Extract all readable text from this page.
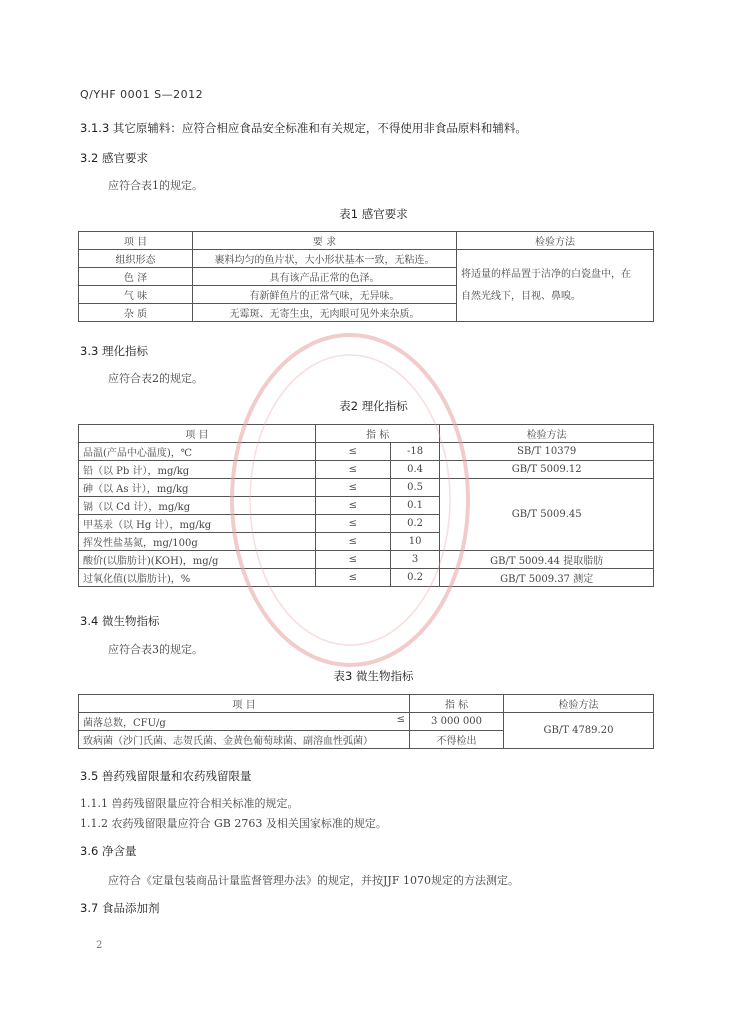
Q/YHF 0001 S—2012
3.1.3 其它原辅料：应符合相应食品安全标准和有关规定，不得使用非食品原料和辅料。
3.2 感官要求
应符合表1的规定。
表1 感官要求
项 目	要 求	检验方法
组织形态	裹料均匀的鱼片状，大小形状基本一致，无粘连。	将适量的样品置于洁净的白瓷盘中，在
自然光线下，目视、鼻嗅。

色 泽	具有该产品正常的色泽。	
气 味	有新鲜鱼片的正常气味，无异味。	
杂 质	无霉斑、无寄生虫，无肉眼可见外来杂质。	
3.3 理化指标
应符合表2的规定。
表2 理化指标
项 目	指 标		检验方法
品温(产品中心温度)，℃	≤	-18	SB/T 10379
铅（以 Pb 计），mg/kg	≤	0.4	GB/T 5009.12
砷（以 As 计），mg/kg	≤	0.5	GB/T 5009.45
镉（以 Cd 计），mg/kg	≤	0.1	
甲基汞（以 Hg 计），mg/kg	≤	0.2	
挥发性盐基氮，mg/100g	≤	10	
酸价(以脂肪计)(KOH)，mg/g	≤	3	GB/T 5009.44 提取脂肪
过氧化值(以脂肪计)，%	≤	0.2	GB/T 5009.37 测定
3.4 微生物指标
应符合表3的规定。
表3 微生物指标
项 目	指 标	检验方法
菌落总数，CFU/g ≤	3 000 000	GB/T 4789.20
致病菌（沙门氏菌、志贺氏菌、金黄色葡萄球菌、副溶血性弧菌）	不得检出	
3.5 兽药残留限量和农药残留限量
1.1.1 兽药残留限量应符合相关标准的规定。
1.1.2 农药残留限量应符合 GB 2763 及相关国家标准的规定。
3.6 净含量
应符合《定量包装商品计量监督管理办法》的规定，并按JJF 1070规定的方法测定。
3.7 食品添加剂
2
